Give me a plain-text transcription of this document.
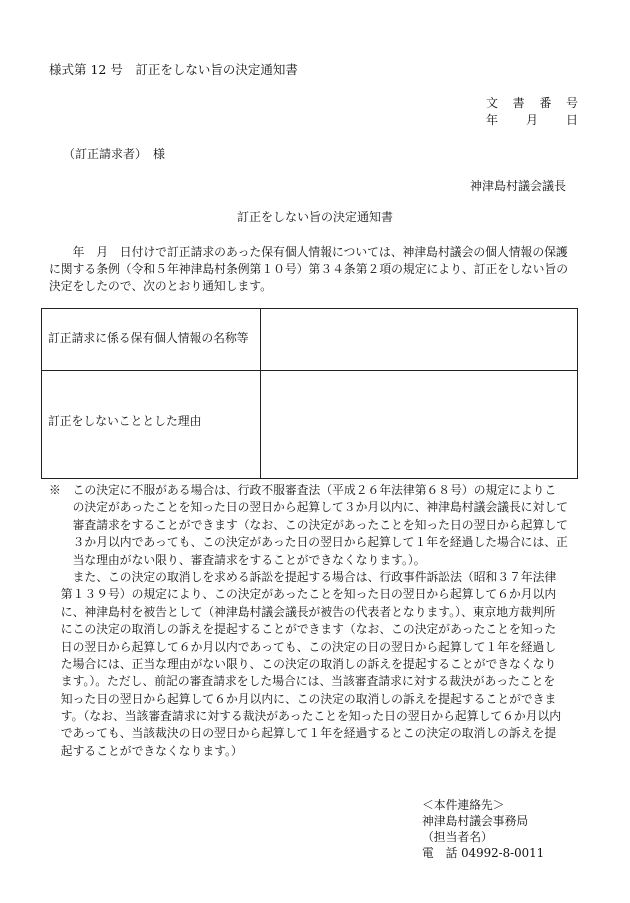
様式第 12 号　訂正をしない旨の決定通知書
文 書 番 号
年 月 日
（訂正請求者）　様
神津島村議会議長
訂正をしない旨の決定通知書
　　年　月　日付けで訂正請求のあった保有個人情報については、神津島村議会の個人情報の保護
に関する条例（令和５年神津島村条例第１０号）第３４条第２項の規定により、訂正をしない旨の
決定をしたので、次のとおり通知します。
訂正請求に係る保有個人情報の名称等
訂正をしないこととした理由
※　この決定に不服がある場合は、行政不服審査法（平成２６年法律第６８号）の規定によりこ
　　の決定があったことを知った日の翌日から起算して３か月以内に、神津島村議会議長に対して
　　審査請求をすることができます（なお、この決定があったことを知った日の翌日から起算して
　　３か月以内であっても、この決定があった日の翌日から起算して１年を経過した場合には、正
　　当な理由がない限り、審査請求をすることができなくなります。）。
　　また、この決定の取消しを求める訴訟を提起する場合は、行政事件訴訟法（昭和３７年法律
　第１３９号）の規定により、この決定があったことを知った日の翌日から起算して６か月以内
　に、神津島村を被告として（神津島村議会議長が被告の代表者となります。）、東京地方裁判所
　にこの決定の取消しの訴えを提起することができます（なお、この決定があったことを知った
　日の翌日から起算して６か月以内であっても、この決定の日の翌日から起算して１年を経過し
　た場合には、正当な理由がない限り、この決定の取消しの訴えを提起することができなくなり
　ます。）。ただし、前記の審査請求をした場合には、当該審査請求に対する裁決があったことを
　知った日の翌日から起算して６か月以内に、この決定の取消しの訴えを提起することができま
　す。（なお、当該審査請求に対する裁決があったことを知った日の翌日から起算して６か月以内
　であっても、当該裁決の日の翌日から起算して１年を経過するとこの決定の取消しの訴えを提
　起することができなくなります。）
＜本件連絡先＞
神津島村議会事務局
（担当者名）
電　話 04992-8-0011
